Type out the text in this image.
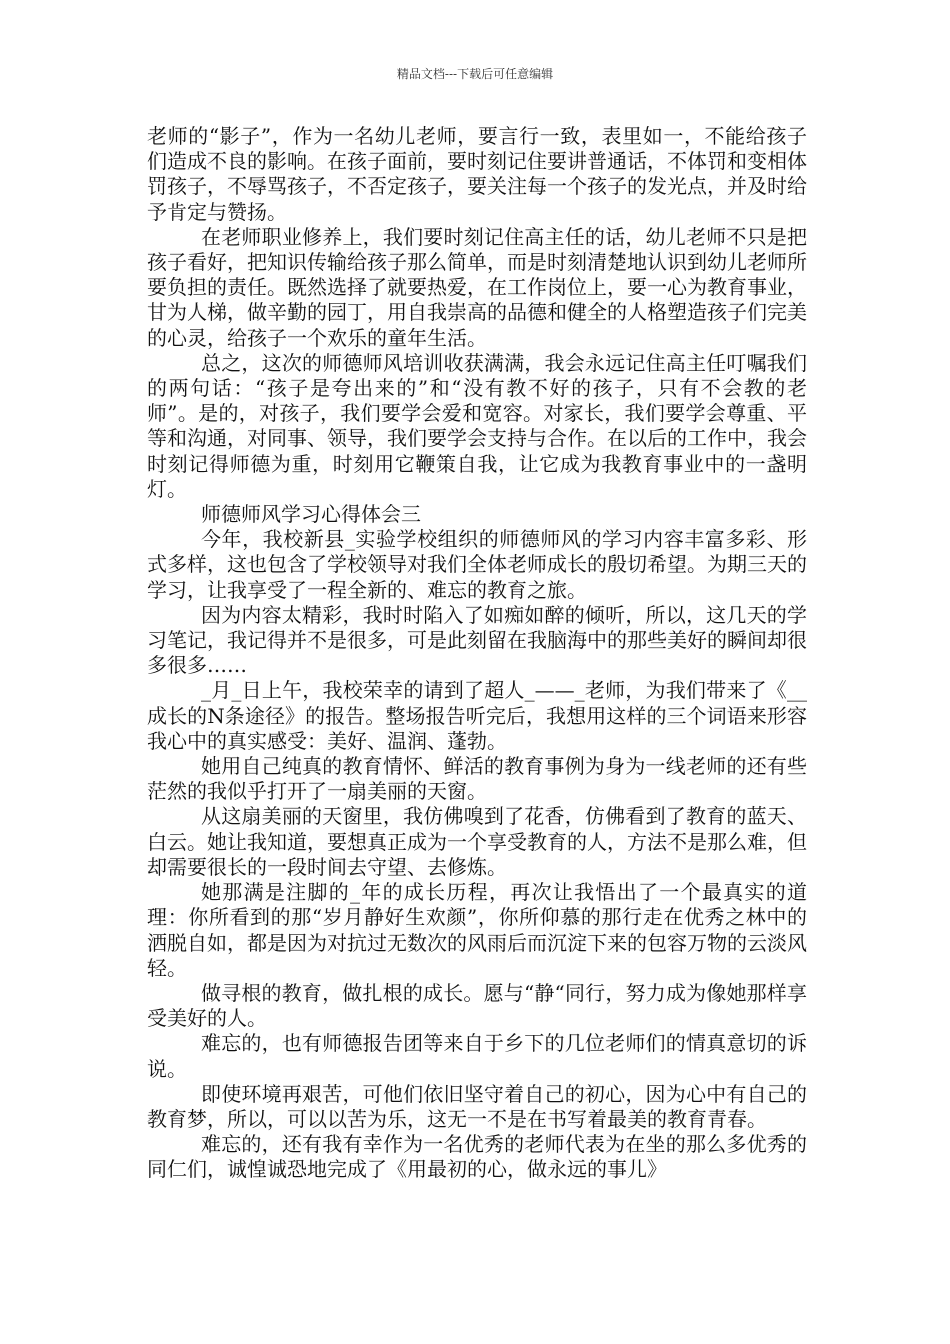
精品文档---下载后可任意编辑

老师的“影子”，作为一名幼儿老师，要言行一致，表里如一，不能给孩子们造成不良的影响。在孩子面前，要时刻记住要讲普通话，不体罚和变相体罚孩子，不辱骂孩子，不否定孩子，要关注每一个孩子的发光点，并及时给予肯定与赞扬。

在老师职业修养上，我们要时刻记住高主任的话，幼儿老师不只是把孩子看好，把知识传输给孩子那么简单，而是时刻清楚地认识到幼儿老师所要负担的责任。既然选择了就要热爱，在工作岗位上，要一心为教育事业，甘为人梯，做辛勤的园丁，用自我崇高的品德和健全的人格塑造孩子们完美的心灵，给孩子一个欢乐的童年生活。

总之，这次的师德师风培训收获满满，我会永远记住高主任叮嘱我们的两句话：“孩子是夸出来的”和“没有教不好的孩子，只有不会教的老师”。是的，对孩子，我们要学会爱和宽容。对家长，我们要学会尊重、平等和沟通，对同事、领导，我们要学会支持与合作。在以后的工作中，我会时刻记得师德为重，时刻用它鞭策自我，让它成为我教育事业中的一盏明灯。

师德师风学习心得体会三

今年，我校新县_实验学校组织的师德师风的学习内容丰富多彩、形式多样，这也包含了学校领导对我们全体老师成长的殷切希望。为期三天的学习，让我享受了一程全新的、难忘的教育之旅。

因为内容太精彩，我时时陷入了如痴如醉的倾听，所以，这几天的学习笔记，我记得并不是很多，可是此刻留在我脑海中的那些美好的瞬间却很多很多……

_月_日上午，我校荣幸的请到了超人_——_老师，为我们带来了《__成长的N条途径》的报告。整场报告听完后，我想用这样的三个词语来形容我心中的真实感受：美好、温润、蓬勃。

她用自己纯真的教育情怀、鲜活的教育事例为身为一线老师的还有些茫然的我似乎打开了一扇美丽的天窗。

从这扇美丽的天窗里，我仿佛嗅到了花香，仿佛看到了教育的蓝天、白云。她让我知道，要想真正成为一个享受教育的人，方法不是那么难，但却需要很长的一段时间去守望、去修炼。

她那满是注脚的_年的成长历程，再次让我悟出了一个最真实的道理：你所看到的那“岁月静好生欢颜”，你所仰慕的那行走在优秀之林中的洒脱自如，都是因为对抗过无数次的风雨后而沉淀下来的包容万物的云淡风轻。

做寻根的教育，做扎根的成长。愿与“静“同行，努力成为像她那样享受美好的人。

难忘的，也有师德报告团等来自于乡下的几位老师们的情真意切的诉说。

即使环境再艰苦，可他们依旧坚守着自己的初心，因为心中有自己的教育梦，所以，可以以苦为乐，这无一不是在书写着最美的教育青春。

难忘的，还有我有幸作为一名优秀的老师代表为在坐的那么多优秀的同仁们，诚惶诚恐地完成了《用最初的心，做永远的事儿》
